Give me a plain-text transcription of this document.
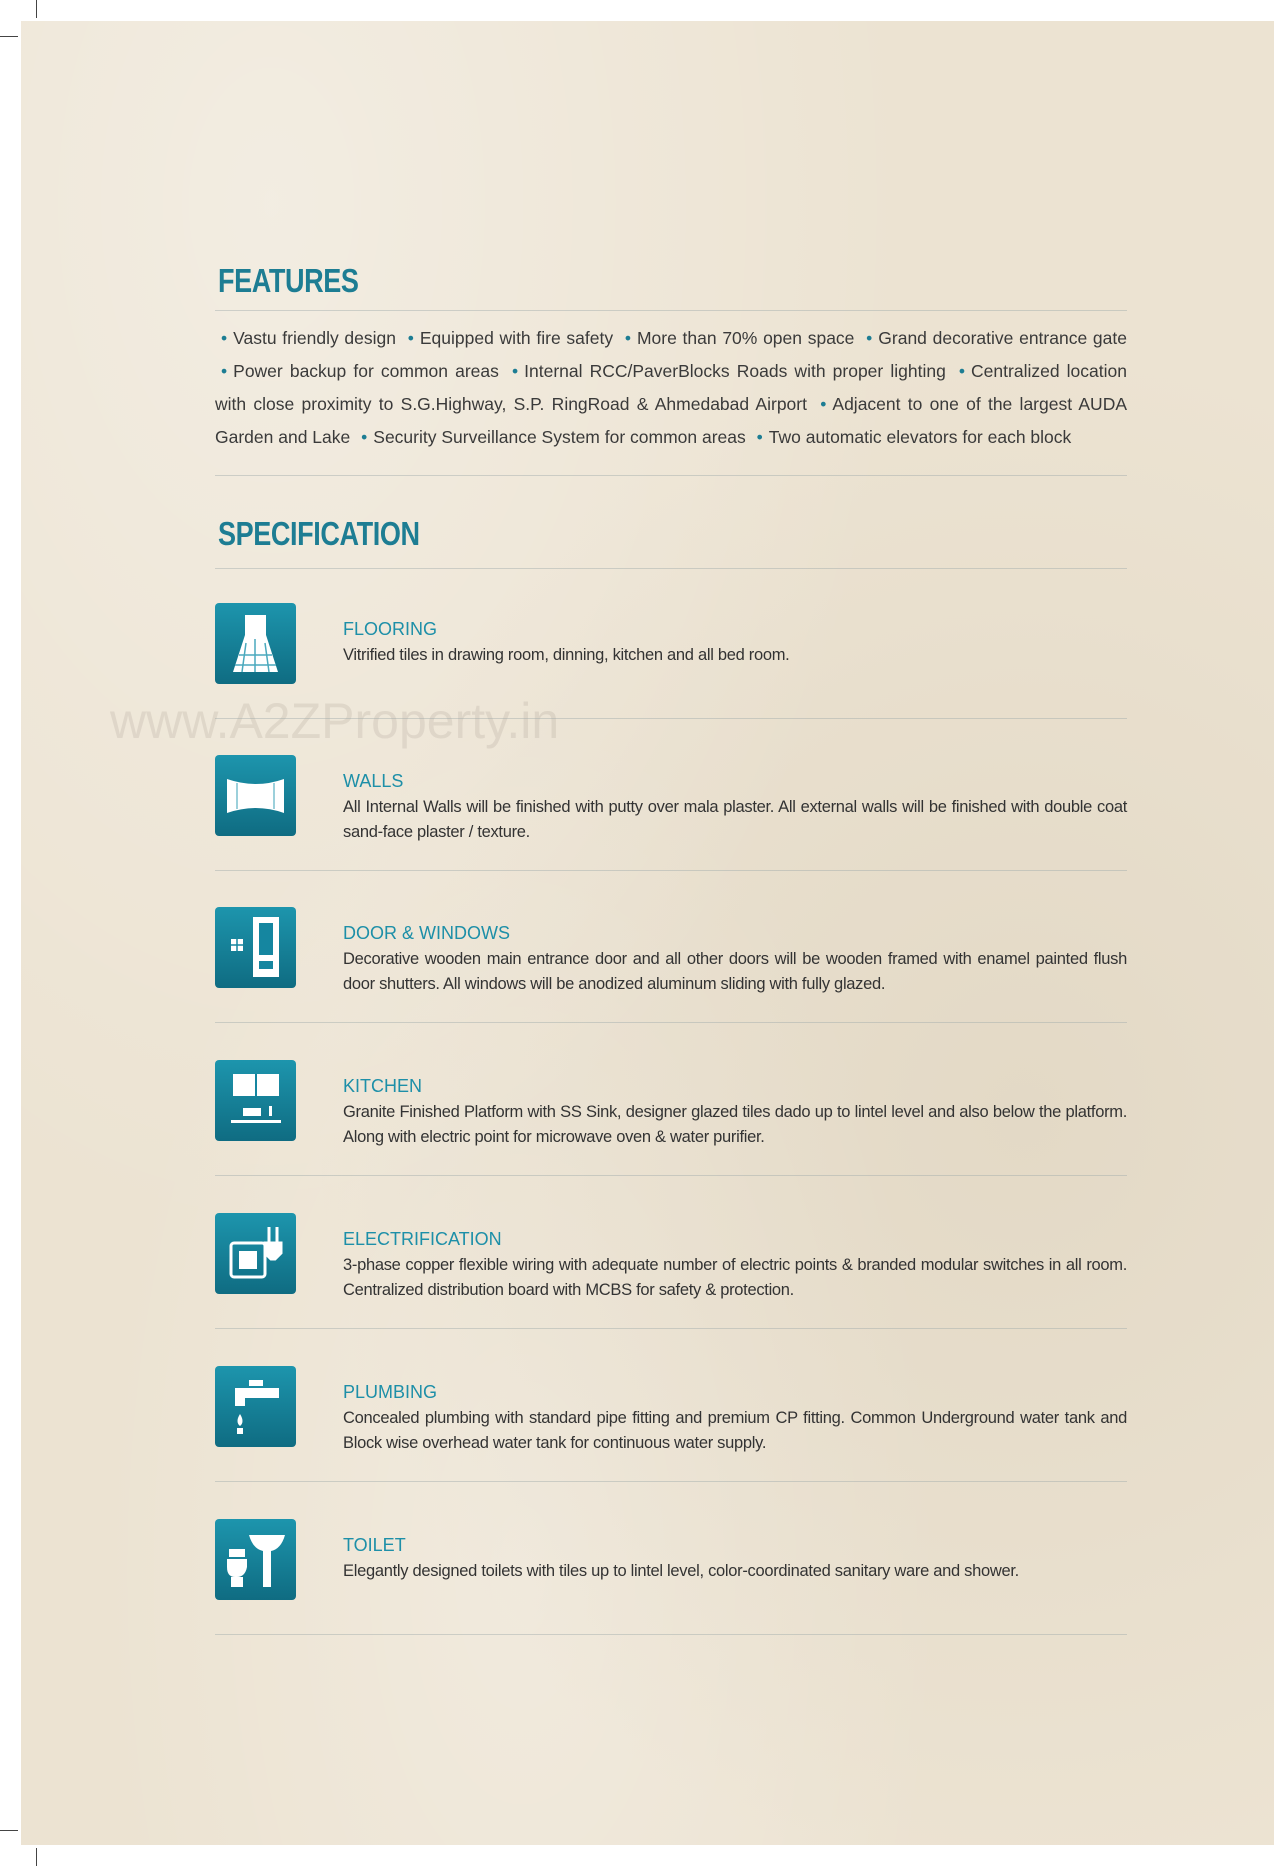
FEATURES
• Vastu friendly design • Equipped with fire safety • More than 70% open space • Grand decorative entrance gate • Power backup for common areas • Internal RCC/PaverBlocks Roads with proper lighting • Centralized location with close proximity to S.G.Highway, S.P. RingRoad & Ahmedabad Airport • Adjacent to one of the largest AUDA Garden and Lake • Security Surveillance System for common areas • Two automatic elevators for each block
SPECIFICATION
www.A2ZProperty.in
FLOORING
Vitrified tiles in drawing room, dinning, kitchen and all bed room.
WALLS
All Internal Walls will be finished with putty over mala plaster. All external walls will be finished with double coat sand-face plaster / texture.
DOOR & WINDOWS
Decorative wooden main entrance door and all other doors will be wooden framed with enamel painted flush door shutters. All windows will be anodized aluminum sliding with fully glazed.
KITCHEN
Granite Finished Platform with SS Sink, designer glazed tiles dado up to lintel level and also below the platform. Along with electric point for microwave oven & water purifier.
ELECTRIFICATION
3-phase copper flexible wiring with adequate number of electric points & branded modular switches in all room. Centralized distribution board with MCBS for safety & protection.
PLUMBING
Concealed plumbing with standard pipe fitting and premium CP fitting. Common Underground water tank and Block wise overhead water tank for continuous water supply.
TOILET
Elegantly designed toilets with tiles up to lintel level, color-coordinated sanitary ware and shower.
